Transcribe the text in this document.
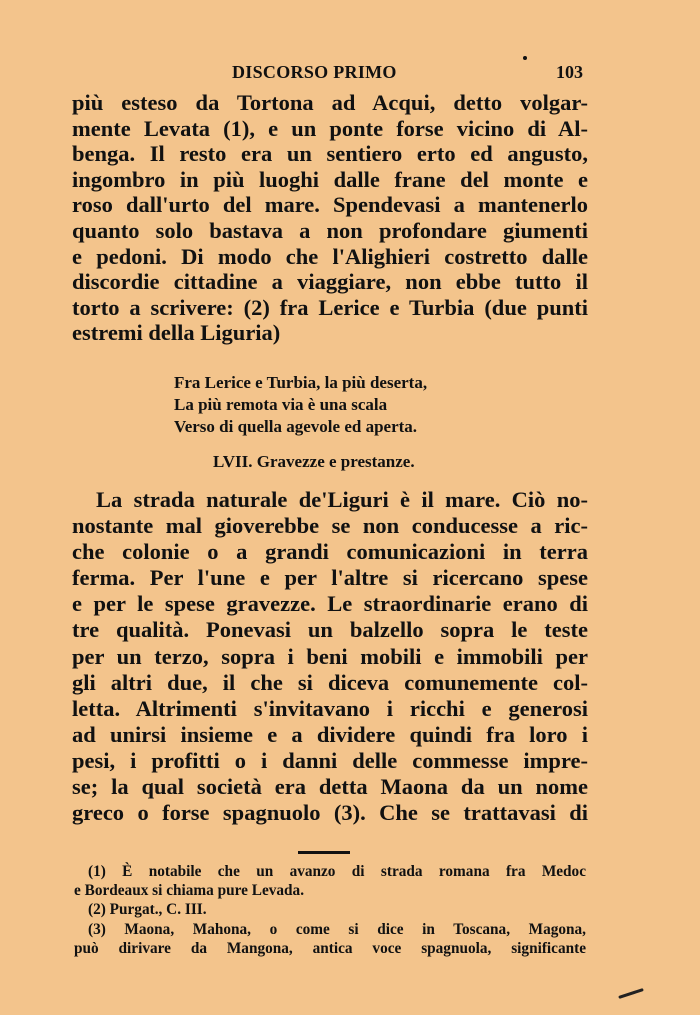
DISCORSO PRIMO	103
più esteso da Tortona ad Acqui, detto volgar-
mente Levata (1), e un ponte forse vicino di Al-
benga. Il resto era un sentiero erto ed angusto,
ingombro in più luoghi dalle frane del monte e
roso dall'urto del mare. Spendevasi a mantenerlo
quanto solo bastava a non profondare giumenti
e pedoni. Di modo che l'Alighieri costretto dalle
discordie cittadine a viaggiare, non ebbe tutto il
torto a scrivere: (2) fra Lerice e Turbia (due punti
estremi della Liguria)
Fra Lerice e Turbia, la più deserta,
La più remota via è una scala
Verso di quella agevole ed aperta.
LVII. Gravezze e prestanze.
La strada naturale de'Liguri è il mare. Ciò no-
nostante mal gioverebbe se non conducesse a ric-
che colonie o a grandi comunicazioni in terra
ferma. Per l'une e per l'altre si ricercano spese
e per le spese gravezze. Le straordinarie erano di
tre qualità. Ponevasi un balzello sopra le teste
per un terzo, sopra i beni mobili e immobili per
gli altri due, il che si diceva comunemente col-
letta. Altrimenti s'invitavano i ricchi e generosi
ad unirsi insieme e a dividere quindi fra loro i
pesi, i profitti o i danni delle commesse impre-
se; la qual società era detta Maona da un nome
greco o forse spagnuolo (3). Che se trattavasi di
(1) È notabile che un avanzo di strada romana fra Medoc
e Bordeaux si chiama pure Levada.
(2) Purgat., C. III.
(3) Maona, Mahona, o come si dice in Toscana, Magona,
può dirivare da Mangona, antica voce spagnuola, significante
